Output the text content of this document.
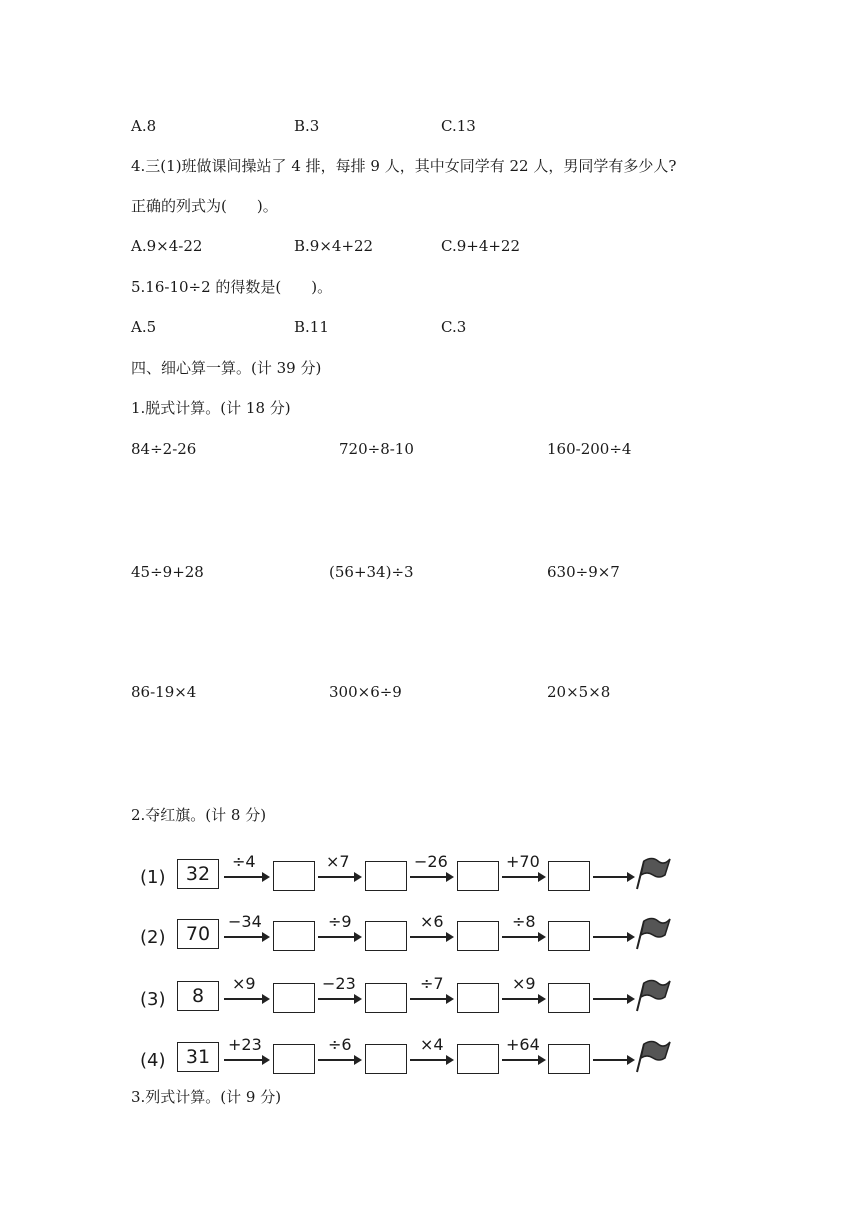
A.8	B.3	C.13
4.三(1)班做课间操站了 4 排，每排 9 人，其中女同学有 22 人，男同学有多少人?
正确的列式为(　　)。
A.9×4-22	B.9×4+22	C.9+4+22
5.16-10÷2 的得数是(　　)。
A.5	B.11	C.3
四、细心算一算。(计 39 分)
1.脱式计算。(计 18 分)
84÷2-26	720÷8-10	160-200÷4
45÷9+28	(56+34)÷3	630÷9×7
86-19×4	300×6÷9	20×5×8
2.夺红旗。(计 8 分)
(1)	32
÷4	×7	−26	+70
(2)	70
−34	÷9	×6	÷8
(3)	8
×9	−23	÷7	×9
(4)	31
+23	÷6	×4	+64
3.列式计算。(计 9 分)
